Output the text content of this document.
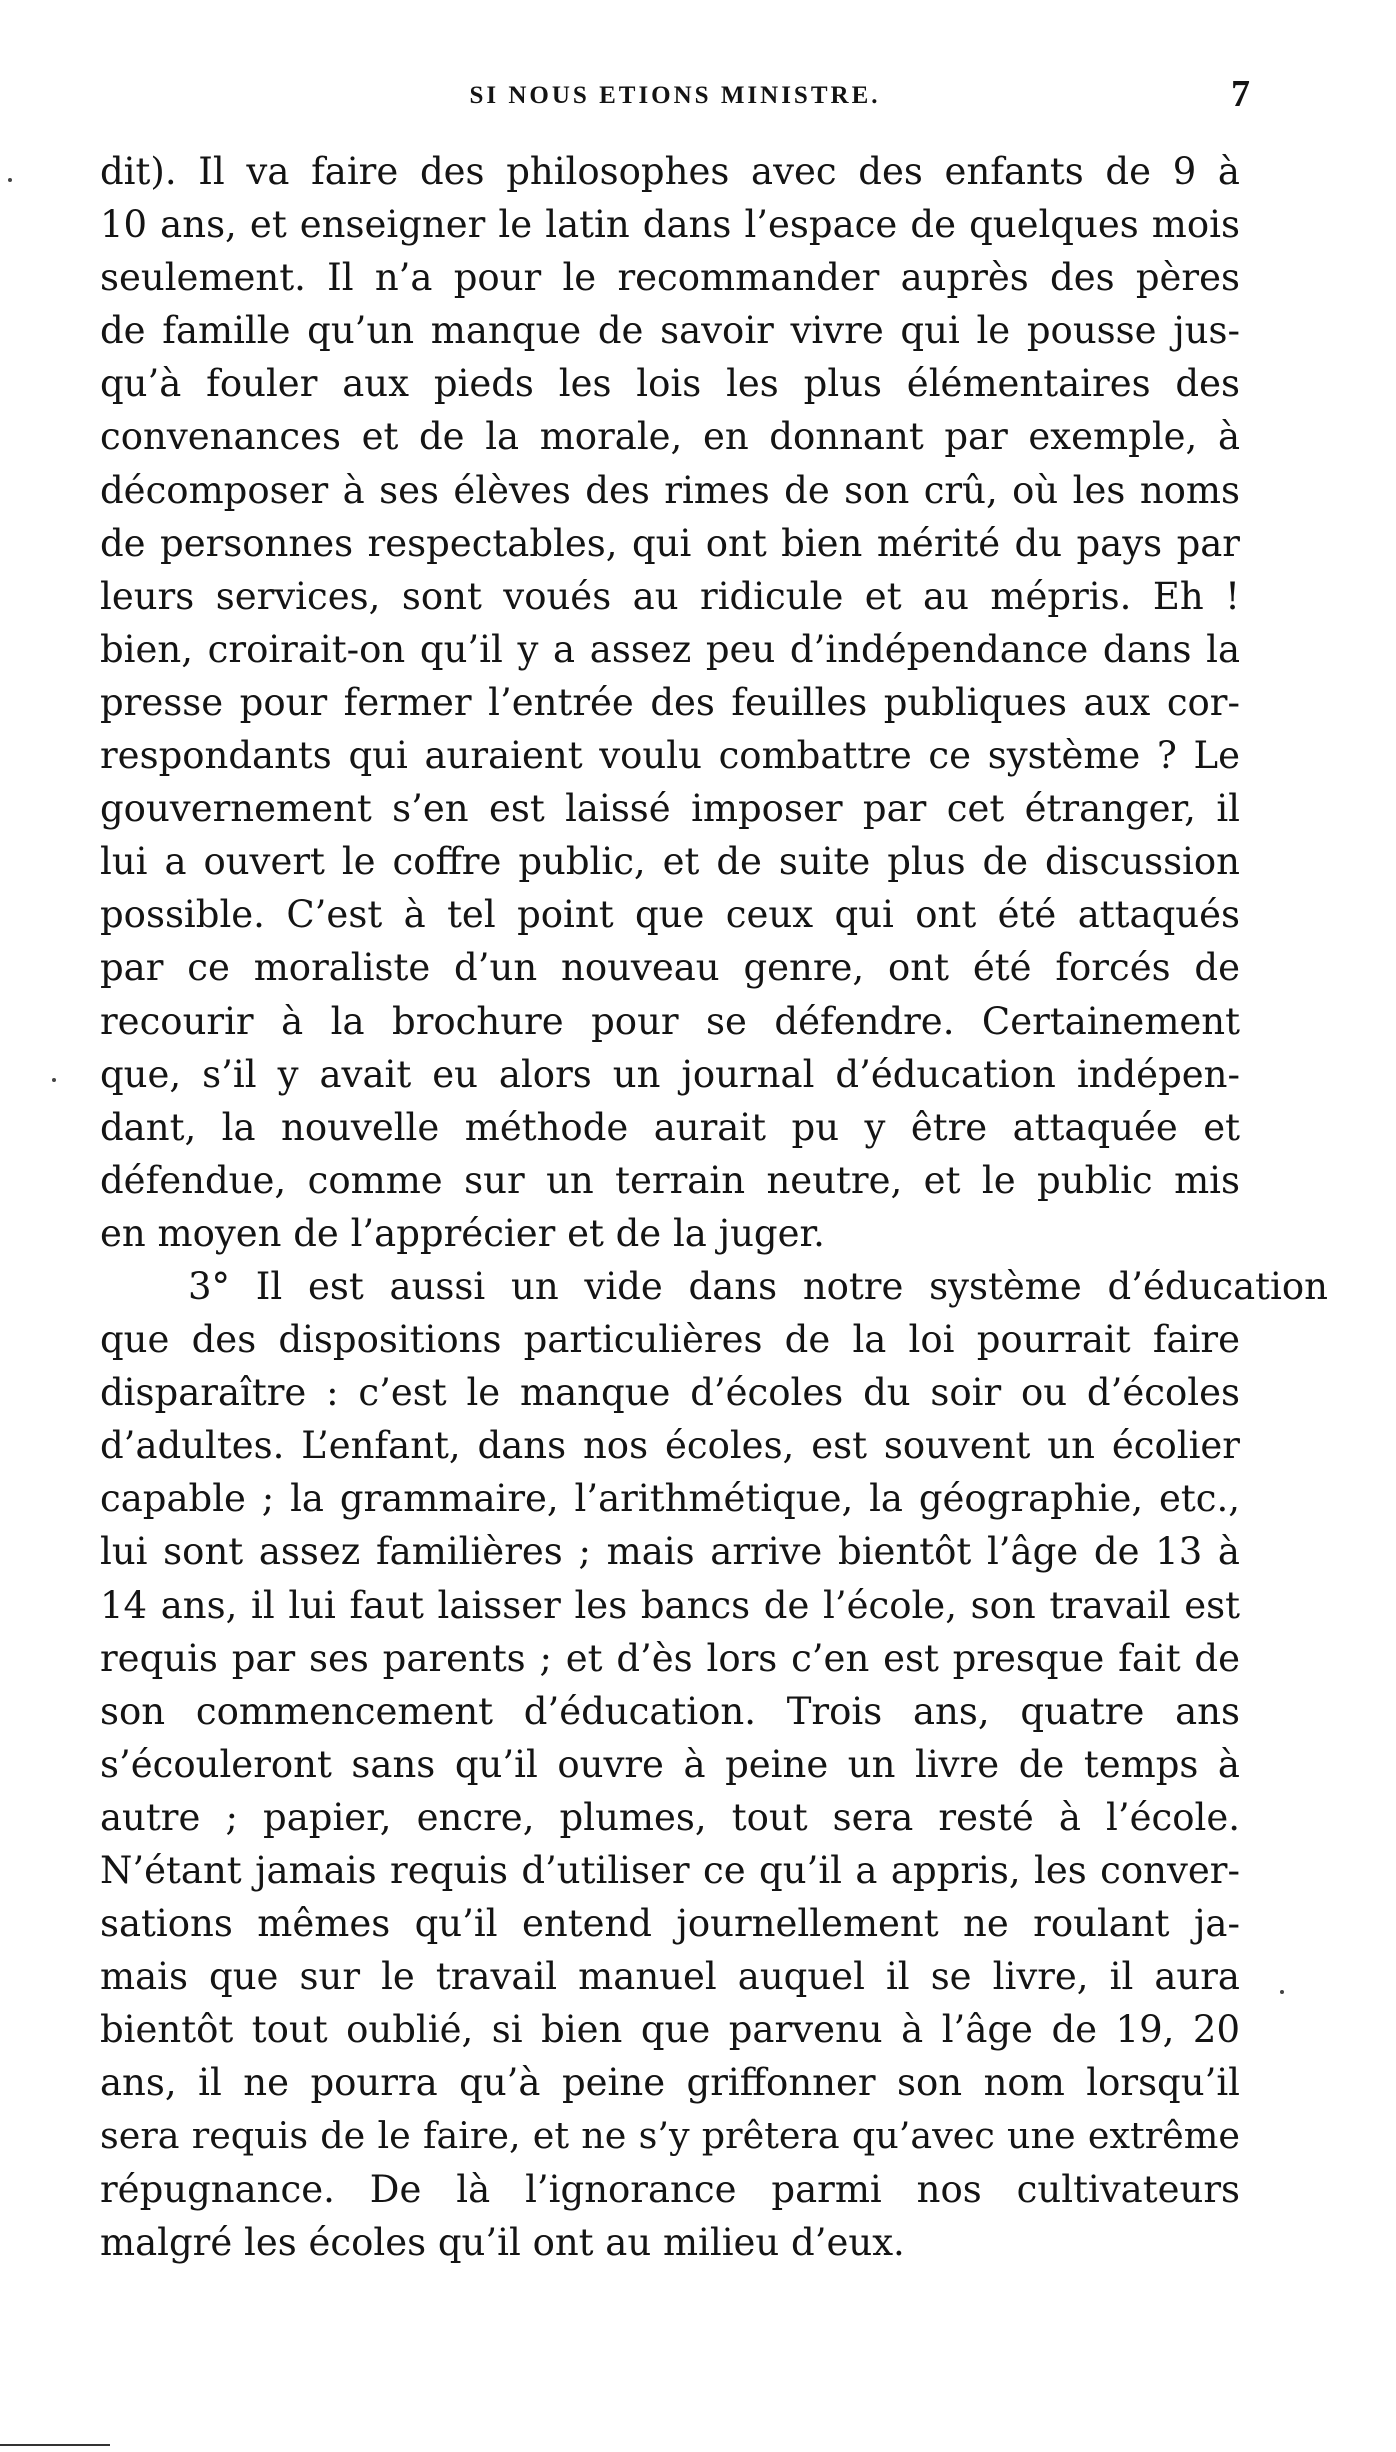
SI NOUS ETIONS MINISTRE.	7
dit). Il va faire des philosophes avec des enfants de 9 à
10 ans, et enseigner le latin dans l’espace de quelques mois
seulement. Il n’a pour le recommander auprès des pères
de famille qu’un manque de savoir vivre qui le pousse jus-
qu’à fouler aux pieds les lois les plus élémentaires des
convenances et de la morale, en donnant par exemple, à
décomposer à ses élèves des rimes de son crû, où les noms
de personnes respectables, qui ont bien mérité du pays par
leurs services, sont voués au ridicule et au mépris. Eh !
bien, croirait-on qu’il y a assez peu d’indépendance dans la
presse pour fermer l’entrée des feuilles publiques aux cor-
respondants qui auraient voulu combattre ce système ? Le
gouvernement s’en est laissé imposer par cet étranger, il
lui a ouvert le coffre public, et de suite plus de discussion
possible. C’est à tel point que ceux qui ont été attaqués
par ce moraliste d’un nouveau genre, ont été forcés de
recourir à la brochure pour se défendre. Certainement
que, s’il y avait eu alors un journal d’éducation indépen-
dant, la nouvelle méthode aurait pu y être attaquée et
défendue, comme sur un terrain neutre, et le public mis
en moyen de l’apprécier et de la juger.
3° Il est aussi un vide dans notre système d’éducation
que des dispositions particulières de la loi pourrait faire
disparaître : c’est le manque d’écoles du soir ou d’écoles
d’adultes. L’enfant, dans nos écoles, est souvent un écolier
capable ; la grammaire, l’arithmétique, la géographie, etc.,
lui sont assez familières ; mais arrive bientôt l’âge de 13 à
14 ans, il lui faut laisser les bancs de l’école, son travail est
requis par ses parents ; et d’ès lors c’en est presque fait de
son commencement d’éducation. Trois ans, quatre ans
s’écouleront sans qu’il ouvre à peine un livre de temps à
autre ; papier, encre, plumes, tout sera resté à l’école.
N’étant jamais requis d’utiliser ce qu’il a appris, les conver-
sations mêmes qu’il entend journellement ne roulant ja-
mais que sur le travail manuel auquel il se livre, il aura
bientôt tout oublié, si bien que parvenu à l’âge de 19, 20
ans, il ne pourra qu’à peine griffonner son nom lorsqu’il
sera requis de le faire, et ne s’y prêtera qu’avec une extrême
répugnance. De là l’ignorance parmi nos cultivateurs
malgré les écoles qu’il ont au milieu d’eux.
